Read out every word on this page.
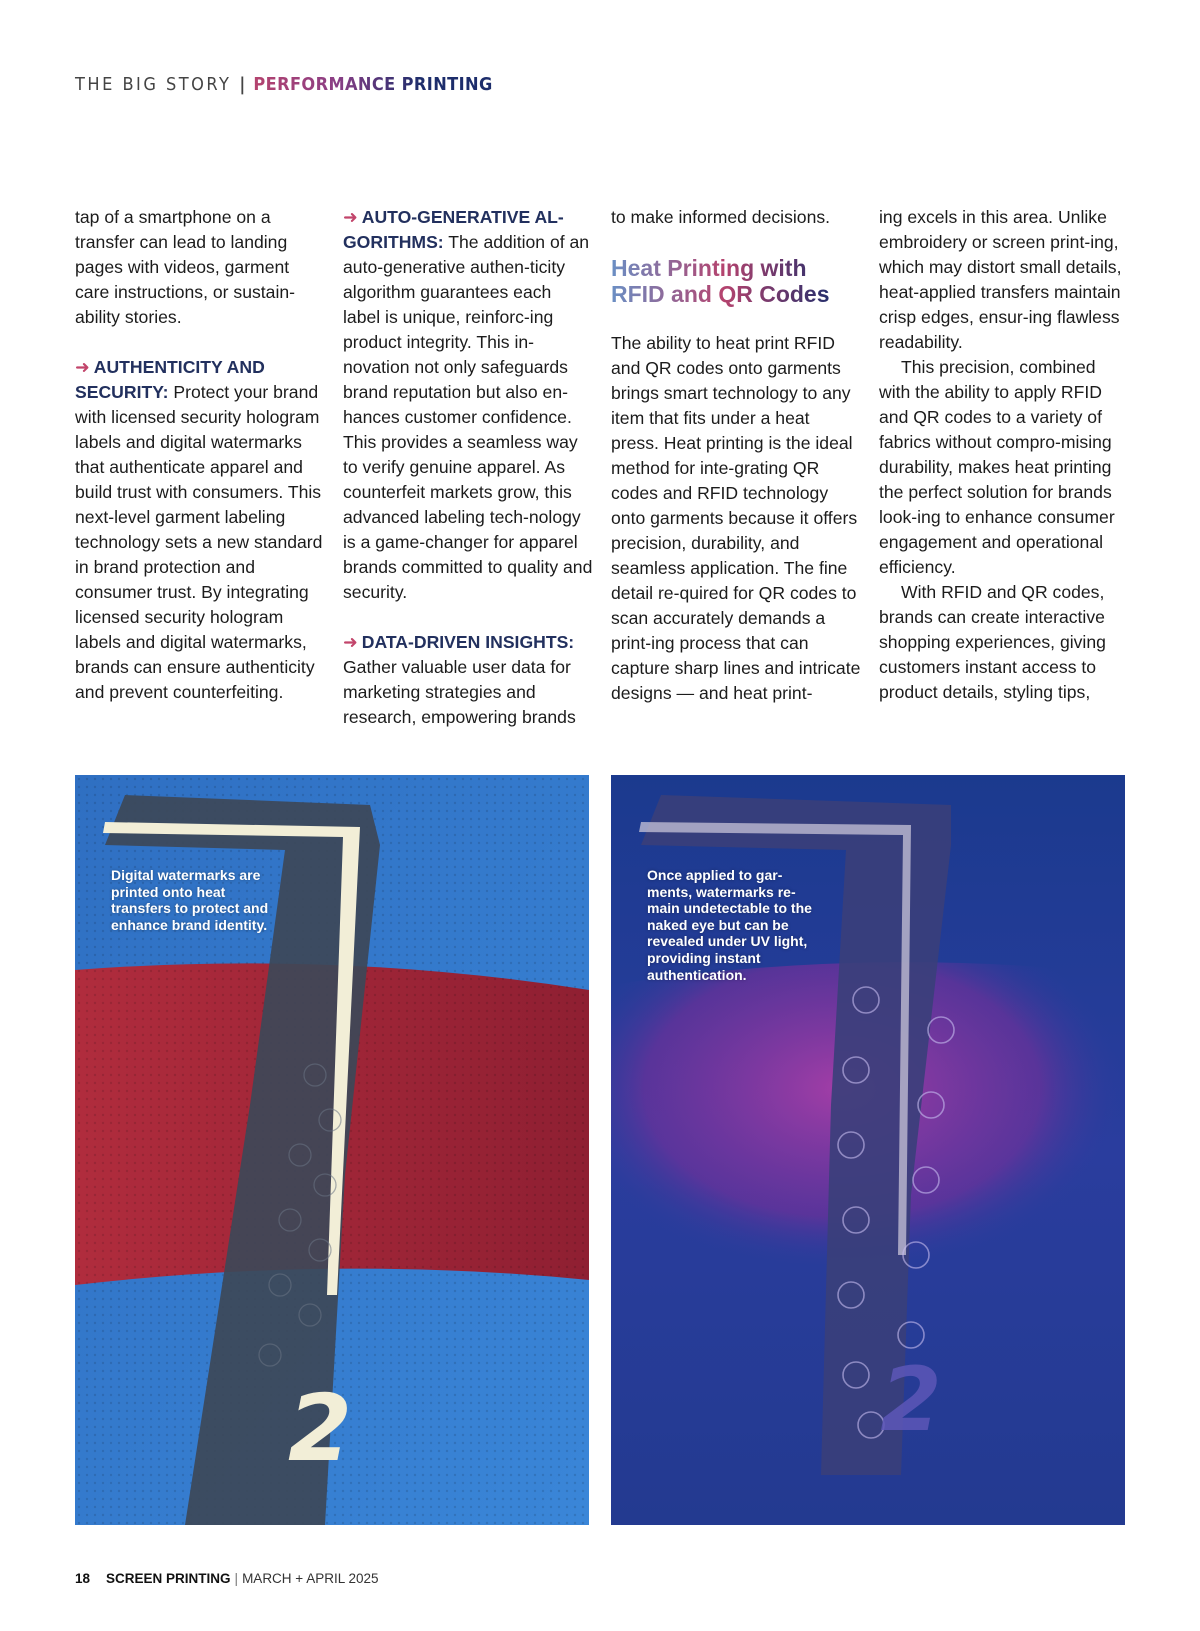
THE BIG STORY | PERFORMANCE PRINTING

tap of a smartphone on a transfer can lead to landing pages with videos, garment care instructions, or sustain-ability stories.

➜ AUTHENTICITY AND SECURITY: Protect your brand with licensed security hologram labels and digital watermarks that authenticate apparel and build trust with consumers. This next-level garment labeling technology sets a new standard in brand protection and consumer trust. By integrating licensed security hologram labels and digital watermarks, brands can ensure authenticity and prevent counterfeiting.

➜ AUTO-GENERATIVE AL-GORITHMS: The addition of an auto-generative authen-ticity algorithm guarantees each label is unique, reinforc-ing product integrity. This in-novation not only safeguards brand reputation but also en-hances customer confidence. This provides a seamless way to verify genuine apparel. As counterfeit markets grow, this advanced labeling tech-nology is a game-changer for apparel brands committed to quality and security.

➜ DATA-DRIVEN INSIGHTS: Gather valuable user data for marketing strategies and research, empowering brands

to make informed decisions.

Heat Printing with RFID and QR Codes

The ability to heat print RFID and QR codes onto garments brings smart technology to any item that fits under a heat press. Heat printing is the ideal method for inte-grating QR codes and RFID technology onto garments because it offers precision, durability, and seamless application. The fine detail re-quired for QR codes to scan accurately demands a print-ing process that can capture sharp lines and intricate designs — and heat print-

ing excels in this area. Unlike embroidery or screen print-ing, which may distort small details, heat-applied transfers maintain crisp edges, ensur-ing flawless readability.

This precision, combined with the ability to apply RFID and QR codes to a variety of fabrics without compro-mising durability, makes heat printing the perfect solution for brands look-ing to enhance consumer engagement and operational efficiency.

With RFID and QR codes, brands can create interactive shopping experiences, giving customers instant access to product details, styling tips,

2
Digital watermarks are printed onto heat transfers to protect and enhance brand identity.
2
Once applied to gar-ments, watermarks re-main undetectable to the naked eye but can be revealed under UV light, providing instant authentication.
18 SCREEN PRINTING | MARCH + APRIL 2025
